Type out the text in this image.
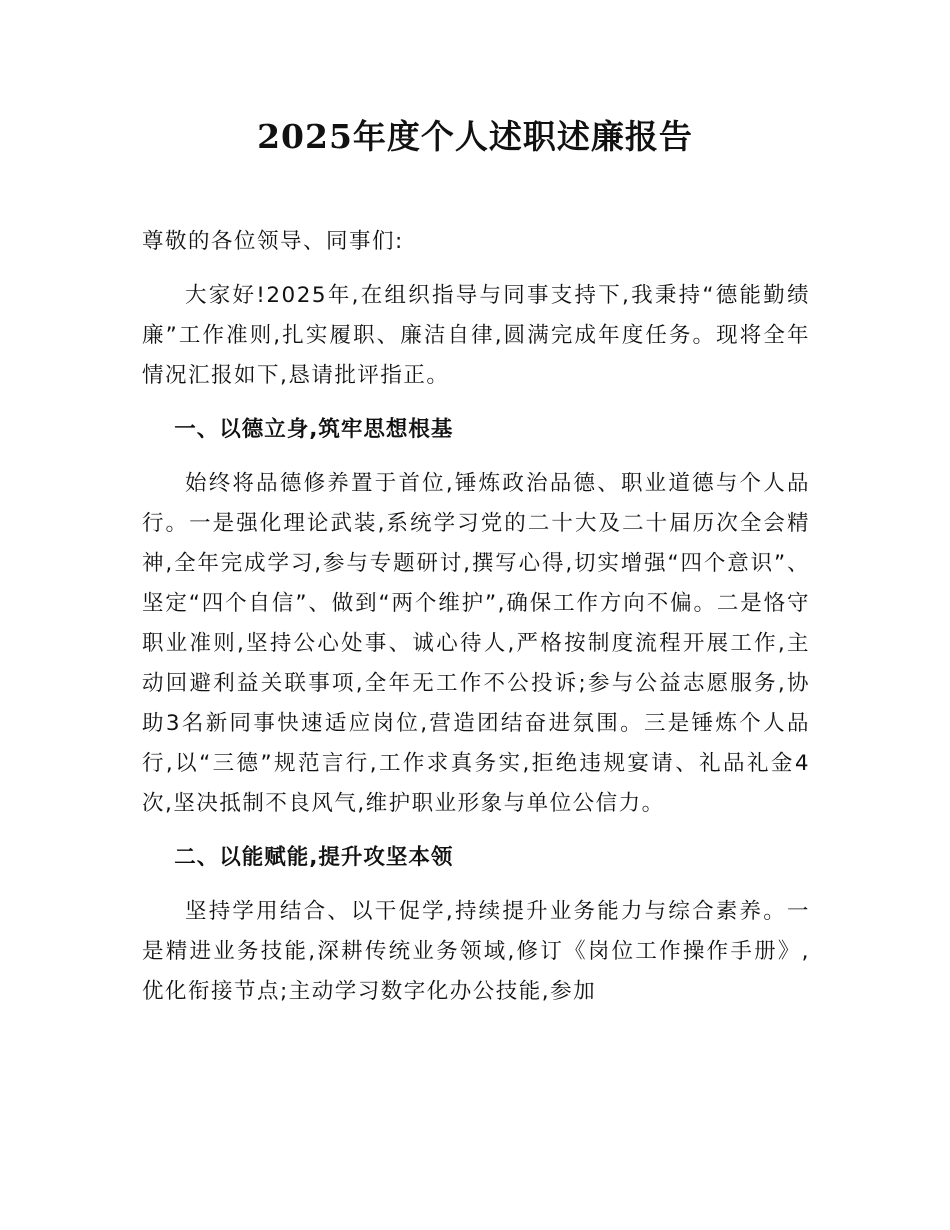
2025年度个人述职述廉报告

尊敬的各位领导、同事们:

大家好!2025年,在组织指导与同事支持下,我秉持“德能勤绩廉”工作准则,扎实履职、廉洁自律,圆满完成年度任务。现将全年情况汇报如下,恳请批评指正。

一、以德立身,筑牢思想根基

始终将品德修养置于首位,锤炼政治品德、职业道德与个人品行。一是强化理论武装,系统学习党的二十大及二十届历次全会精神,全年完成学习,参与专题研讨,撰写心得,切实增强“四个意识”、坚定“四个自信”、做到“两个维护”,确保工作方向不偏。二是恪守职业准则,坚持公心处事、诚心待人,严格按制度流程开展工作,主动回避利益关联事项,全年无工作不公投诉;参与公益志愿服务,协助3名新同事快速适应岗位,营造团结奋进氛围。三是锤炼个人品行,以“三德”规范言行,工作求真务实,拒绝违规宴请、礼品礼金4次,坚决抵制不良风气,维护职业形象与单位公信力。

二、以能赋能,提升攻坚本领

坚持学用结合、以干促学,持续提升业务能力与综合素养。一是精进业务技能,深耕传统业务领域,修订《岗位工作操作手册》,优化衔接节点;主动学习数字化办公技能,参加
